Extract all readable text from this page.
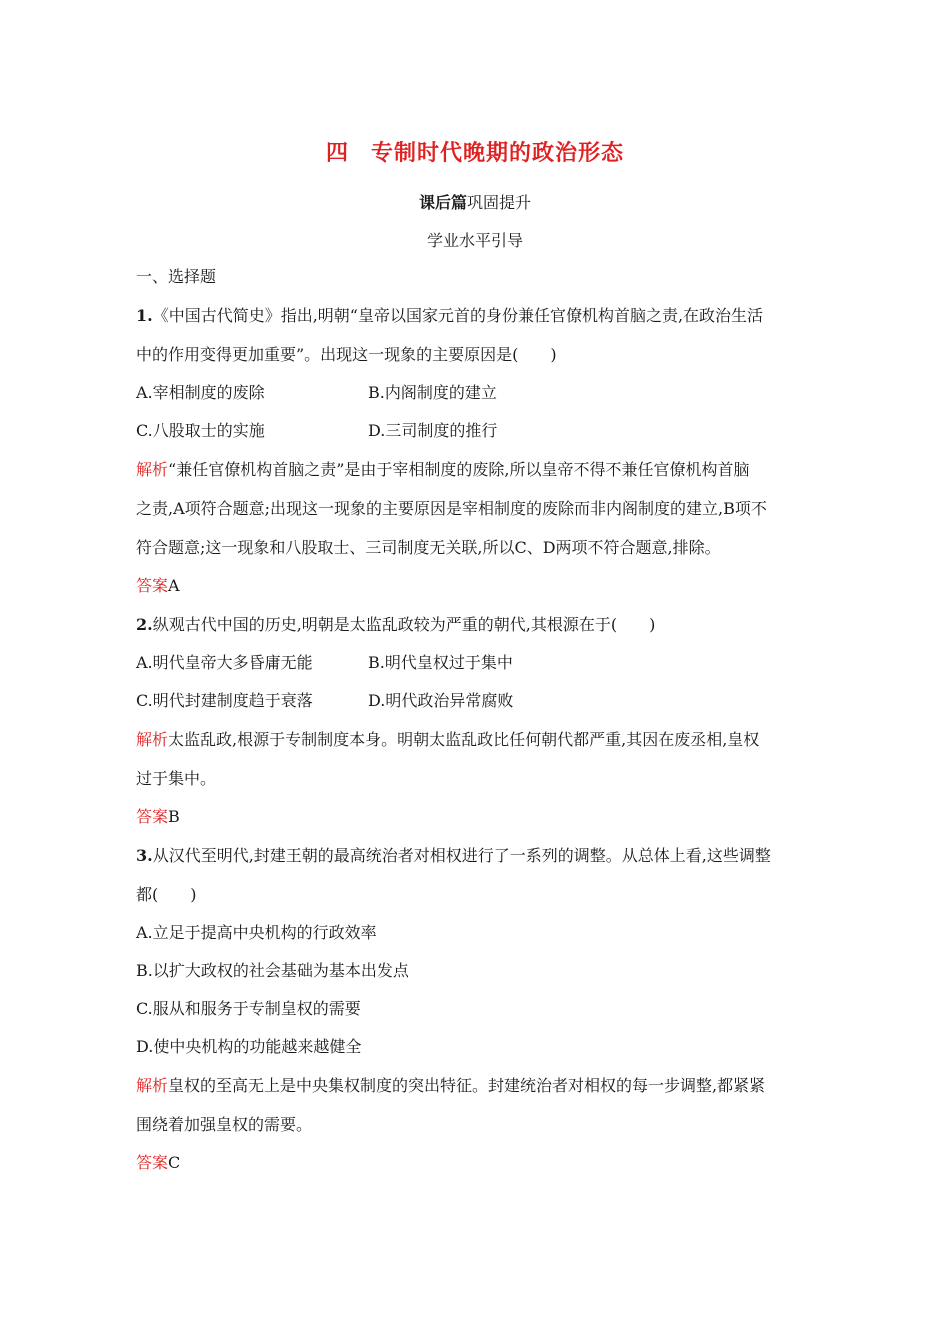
四 专制时代晚期的政治形态
课后篇巩固提升
学业水平引导
一、选择题
1.《中国古代简史》指出,明朝“皇帝以国家元首的身份兼任官僚机构首脑之责,在政治生活
中的作用变得更加重要”。出现这一现象的主要原因是(　　)
A.宰相制度的废除	B.内阁制度的建立
C.八股取士的实施	D.三司制度的推行
解析“兼任官僚机构首脑之责”是由于宰相制度的废除,所以皇帝不得不兼任官僚机构首脑
之责,A项符合题意;出现这一现象的主要原因是宰相制度的废除而非内阁制度的建立,B项不
符合题意;这一现象和八股取士、三司制度无关联,所以C、D两项不符合题意,排除。
答案A
2.纵观古代中国的历史,明朝是太监乱政较为严重的朝代,其根源在于(　　)
A.明代皇帝大多昏庸无能	B.明代皇权过于集中
C.明代封建制度趋于衰落	D.明代政治异常腐败
解析太监乱政,根源于专制制度本身。明朝太监乱政比任何朝代都严重,其因在废丞相,皇权
过于集中。
答案B
3.从汉代至明代,封建王朝的最高统治者对相权进行了一系列的调整。从总体上看,这些调整
都(　　)
A.立足于提高中央机构的行政效率
B.以扩大政权的社会基础为基本出发点
C.服从和服务于专制皇权的需要
D.使中央机构的功能越来越健全
解析皇权的至高无上是中央集权制度的突出特征。封建统治者对相权的每一步调整,都紧紧
围绕着加强皇权的需要。
答案C
